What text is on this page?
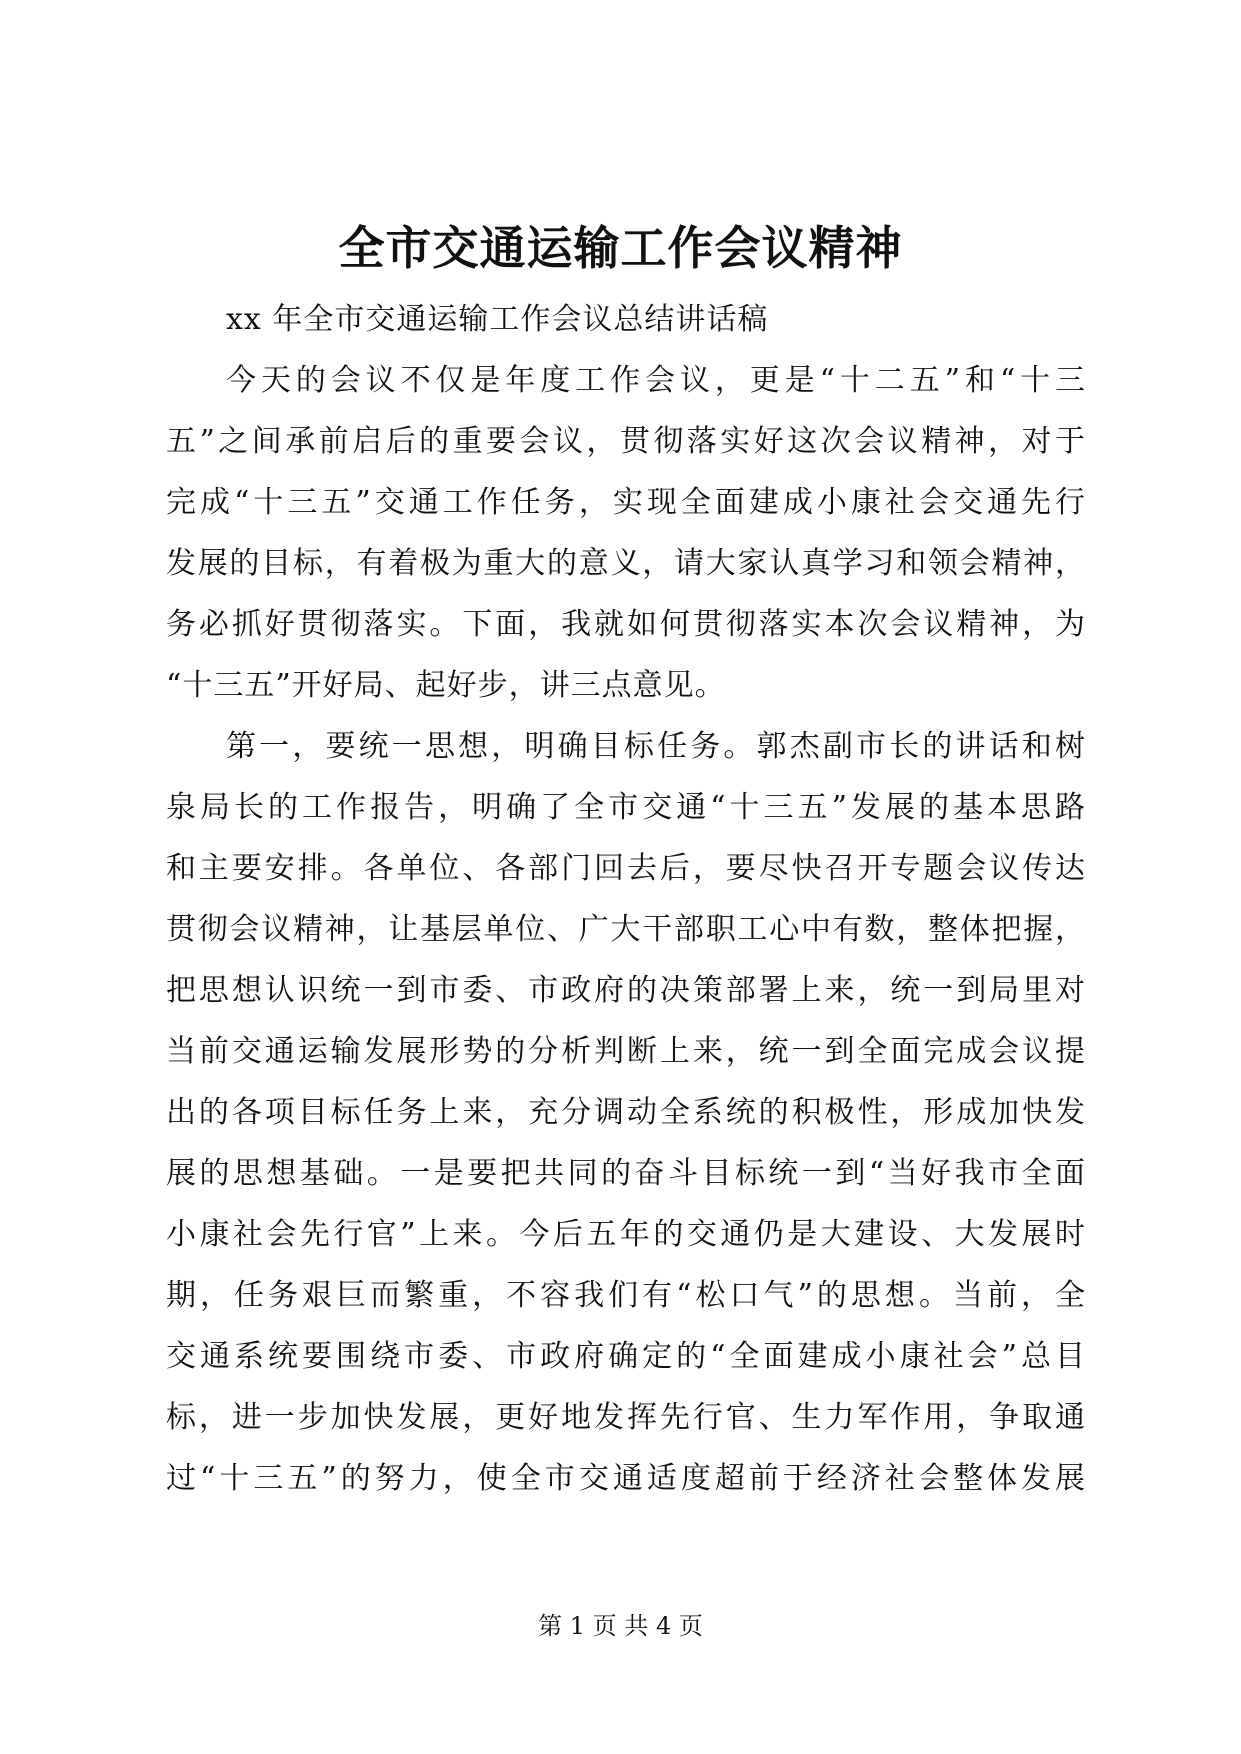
全市交通运输工作会议精神
xx 年全市交通运输工作会议总结讲话稿
今天的会议不仅是年度工作会议，更是“十二五”和“十三
五”之间承前启后的重要会议，贯彻落实好这次会议精神，对于
完成“十三五”交通工作任务，实现全面建成小康社会交通先行
发展的目标，有着极为重大的意义，请大家认真学习和领会精神，
务必抓好贯彻落实。下面，我就如何贯彻落实本次会议精神，为
“十三五”开好局、起好步，讲三点意见。
第一，要统一思想，明确目标任务。郭杰副市长的讲话和树
泉局长的工作报告，明确了全市交通“十三五”发展的基本思路
和主要安排。各单位、各部门回去后，要尽快召开专题会议传达
贯彻会议精神，让基层单位、广大干部职工心中有数，整体把握，
把思想认识统一到市委、市政府的决策部署上来，统一到局里对
当前交通运输发展形势的分析判断上来，统一到全面完成会议提
出的各项目标任务上来，充分调动全系统的积极性，形成加快发
展的思想基础。一是要把共同的奋斗目标统一到“当好我市全面
小康社会先行官”上来。今后五年的交通仍是大建设、大发展时
期，任务艰巨而繁重，不容我们有“松口气”的思想。当前，全
交通系统要围绕市委、市政府确定的“全面建成小康社会”总目
标，进一步加快发展，更好地发挥先行官、生力军作用，争取通
过“十三五”的努力，使全市交通适度超前于经济社会整体发展
第 1 页 共 4 页
